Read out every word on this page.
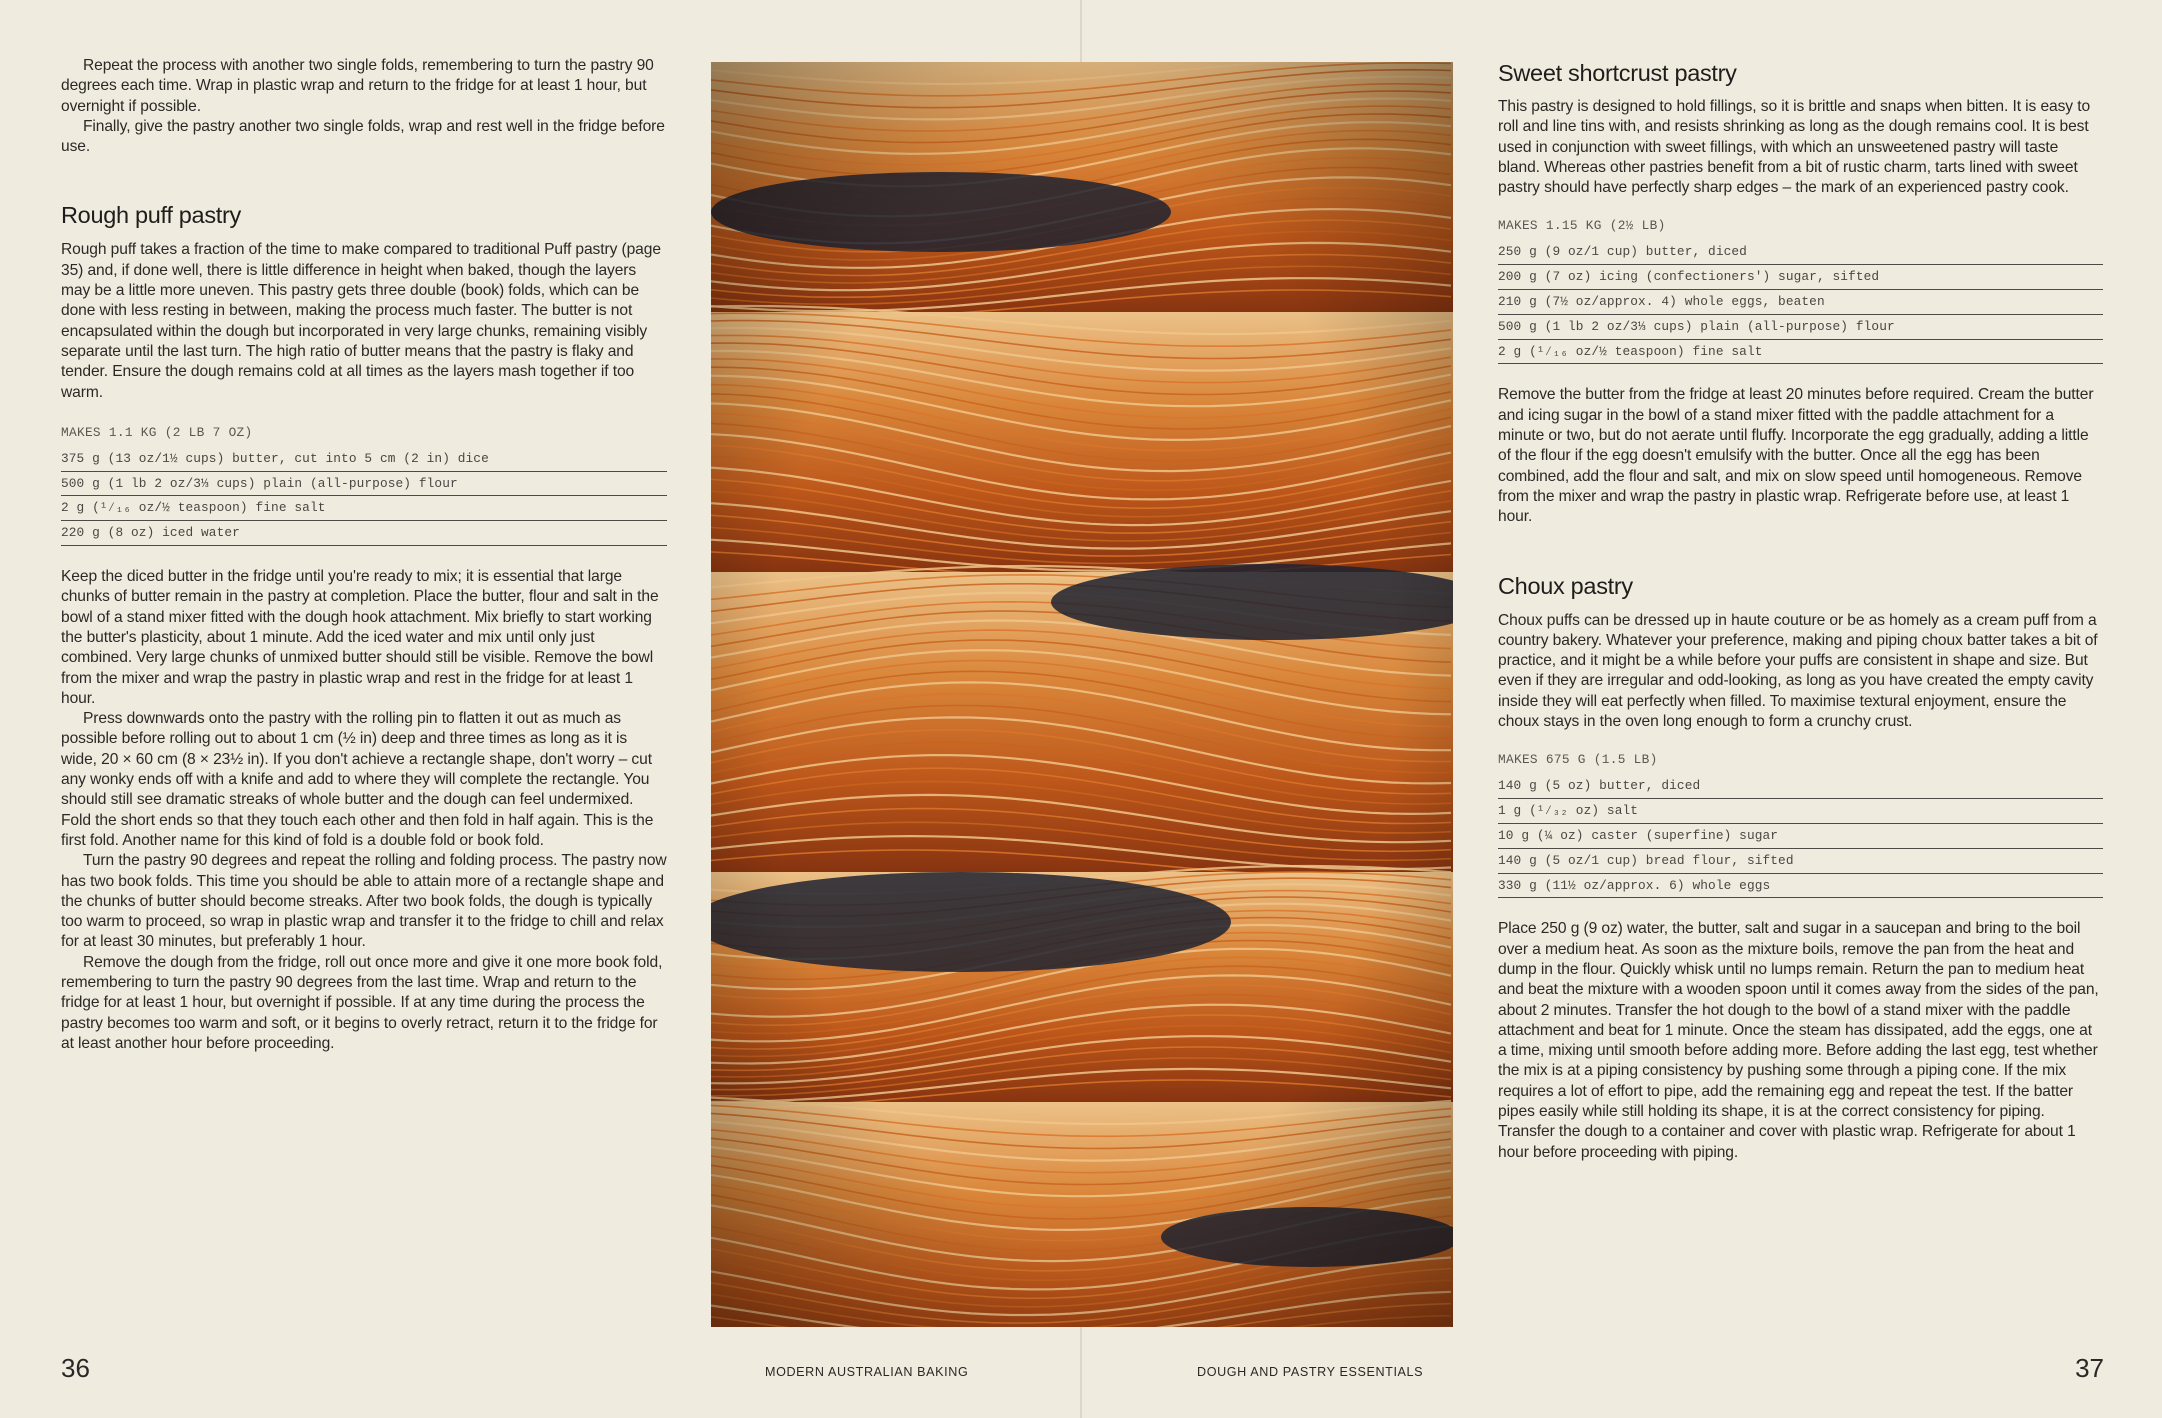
Repeat the process with another two single folds, remembering to turn the pastry 90 degrees each time. Wrap in plastic wrap and return to the fridge for at least 1 hour, but overnight if possible.

Finally, give the pastry another two single folds, wrap and rest well in the fridge before use.

Rough puff pastry

Rough puff takes a fraction of the time to make compared to traditional Puff pastry (page 35) and, if done well, there is little difference in height when baked, though the layers may be a little more uneven. This pastry gets three double (book) folds, which can be done with less resting in between, making the process much faster. The butter is not encapsulated within the dough but incorporated in very large chunks, remaining visibly separate until the last turn. The high ratio of butter means that the pastry is flaky and tender. Ensure the dough remains cold at all times as the layers mash together if too warm.

MAKES 1.1 KG (2 LB 7 OZ)

375 g (13 oz/1½ cups) butter, cut into 5 cm (2 in) dice
500 g (1 lb 2 oz/3⅓ cups) plain (all-purpose) flour
2 g (¹⁄₁₆ oz/½ teaspoon) fine salt
220 g (8 oz) iced water

Keep the diced butter in the fridge until you're ready to mix; it is essential that large chunks of butter remain in the pastry at completion. Place the butter, flour and salt in the bowl of a stand mixer fitted with the dough hook attachment. Mix briefly to start working the butter's plasticity, about 1 minute. Add the iced water and mix until only just combined. Very large chunks of unmixed butter should still be visible. Remove the bowl from the mixer and wrap the pastry in plastic wrap and rest in the fridge for at least 1 hour.

Press downwards onto the pastry with the rolling pin to flatten it out as much as possible before rolling out to about 1 cm (½ in) deep and three times as long as it is wide, 20 × 60 cm (8 × 23½ in). If you don't achieve a rectangle shape, don't worry – cut any wonky ends off with a knife and add to where they will complete the rectangle. You should still see dramatic streaks of whole butter and the dough can feel undermixed. Fold the short ends so that they touch each other and then fold in half again. This is the first fold. Another name for this kind of fold is a double fold or book fold.

Turn the pastry 90 degrees and repeat the rolling and folding process. The pastry now has two book folds. This time you should be able to attain more of a rectangle shape and the chunks of butter should become streaks. After two book folds, the dough is typically too warm to proceed, so wrap in plastic wrap and transfer it to the fridge to chill and relax for at least 30 minutes, but preferably 1 hour.

Remove the dough from the fridge, roll out once more and give it one more book fold, remembering to turn the pastry 90 degrees from the last time. Wrap and return to the fridge for at least 1 hour, but overnight if possible. If at any time during the process the pastry becomes too warm and soft, or it begins to overly retract, return it to the fridge for at least another hour before proceeding.

Sweet shortcrust pastry

This pastry is designed to hold fillings, so it is brittle and snaps when bitten. It is easy to roll and line tins with, and resists shrinking as long as the dough remains cool. It is best used in conjunction with sweet fillings, with which an unsweetened pastry will taste bland. Whereas other pastries benefit from a bit of rustic charm, tarts lined with sweet pastry should have perfectly sharp edges – the mark of an experienced pastry cook.

MAKES 1.15 KG (2½ LB)

250 g (9 oz/1 cup) butter, diced
200 g (7 oz) icing (confectioners') sugar, sifted
210 g (7½ oz/approx. 4) whole eggs, beaten
500 g (1 lb 2 oz/3⅓ cups) plain (all-purpose) flour
2 g (¹⁄₁₆ oz/½ teaspoon) fine salt

Remove the butter from the fridge at least 20 minutes before required. Cream the butter and icing sugar in the bowl of a stand mixer fitted with the paddle attachment for a minute or two, but do not aerate until fluffy. Incorporate the egg gradually, adding a little of the flour if the egg doesn't emulsify with the butter. Once all the egg has been combined, add the flour and salt, and mix on slow speed until homogeneous. Remove from the mixer and wrap the pastry in plastic wrap. Refrigerate before use, at least 1 hour.

Choux pastry

Choux puffs can be dressed up in haute couture or be as homely as a cream puff from a country bakery. Whatever your preference, making and piping choux batter takes a bit of practice, and it might be a while before your puffs are consistent in shape and size. But even if they are irregular and odd-looking, as long as you have created the empty cavity inside they will eat perfectly when filled. To maximise textural enjoyment, ensure the choux stays in the oven long enough to form a crunchy crust.

MAKES 675 G (1.5 LB)

140 g (5 oz) butter, diced
1 g (¹⁄₃₂ oz) salt
10 g (¼ oz) caster (superfine) sugar
140 g (5 oz/1 cup) bread flour, sifted
330 g (11½ oz/approx. 6) whole eggs

Place 250 g (9 oz) water, the butter, salt and sugar in a saucepan and bring to the boil over a medium heat. As soon as the mixture boils, remove the pan from the heat and dump in the flour. Quickly whisk until no lumps remain. Return the pan to medium heat and beat the mixture with a wooden spoon until it comes away from the sides of the pan, about 2 minutes. Transfer the hot dough to the bowl of a stand mixer with the paddle attachment and beat for 1 minute. Once the steam has dissipated, add the eggs, one at a time, mixing until smooth before adding more. Before adding the last egg, test whether the mix is at a piping consistency by pushing some through a piping cone. If the mix requires a lot of effort to pipe, add the remaining egg and repeat the test. If the batter pipes easily while still holding its shape, it is at the correct consistency for piping. Transfer the dough to a container and cover with plastic wrap. Refrigerate for about 1 hour before proceeding with piping.

36	MODERN AUSTRALIAN BAKING	DOUGH AND PASTRY ESSENTIALS	37
